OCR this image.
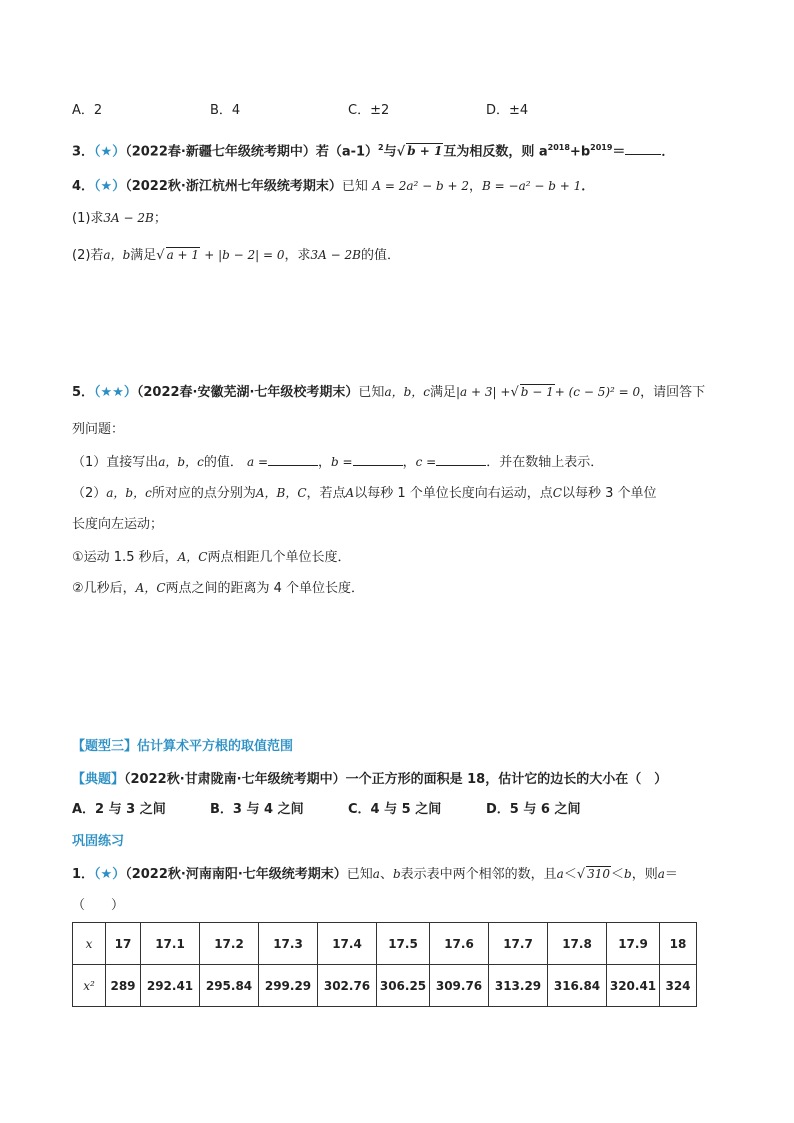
A．2	B．4	C．±2	D．±4
3．（★）（2022春·新疆七年级统考期中）若$(a-1)^2$与√ b + 1互为相反数，则 $a^{2018}+b^{2019}=$	．
4．（★）（2022秋·浙江杭州七年级统考期末）已知 A = 2a² − b + 2，B = −a² − b + 1．
(1)求3A − 2B；
(2)若a，b满足√ a + 1 + |b − 2| = 0，求3A − 2B的值．
5．（★★）（2022春·安徽芜湖·七年级校考期末）已知a，b，c满足|a + 3| +√ b − 1+ (c − 5)² = 0，请回答下
列问题：
（1）直接写出a，b，c的值． a =	，b =	，c =	．并在数轴上表示．
（2）a，b，c所对应的点分别为A，B，C，若点A以每秒 1 个单位长度向右运动，点C以每秒 3 个单位
长度向左运动；
①运动 1.5 秒后，A，C两点相距几个单位长度．
②几秒后，A，C两点之间的距离为 4 个单位长度．
【题型三】估计算术平方根的取值范围
【典题】（2022秋·甘肃陇南·七年级统考期中）一个正方形的面积是 18，估计它的边长的大小在（　）
A．2 与 3 之间	B．3 与 4 之间	C．4 与 5 之间	D．5 与 6 之间
巩固练习
1．（★）（2022秋·河南南阳·七年级统考期末）已知a、b表示表中两个相邻的数，且a＜√ 310＜b，则a＝
（　　）
x	17	17.1	17.2	17.3	17.4	17.5	17.6	17.7	17.8	17.9	18
x²	289	292.41	295.84	299.29	302.76	306.25	309.76	313.29	316.84	320.41	324
